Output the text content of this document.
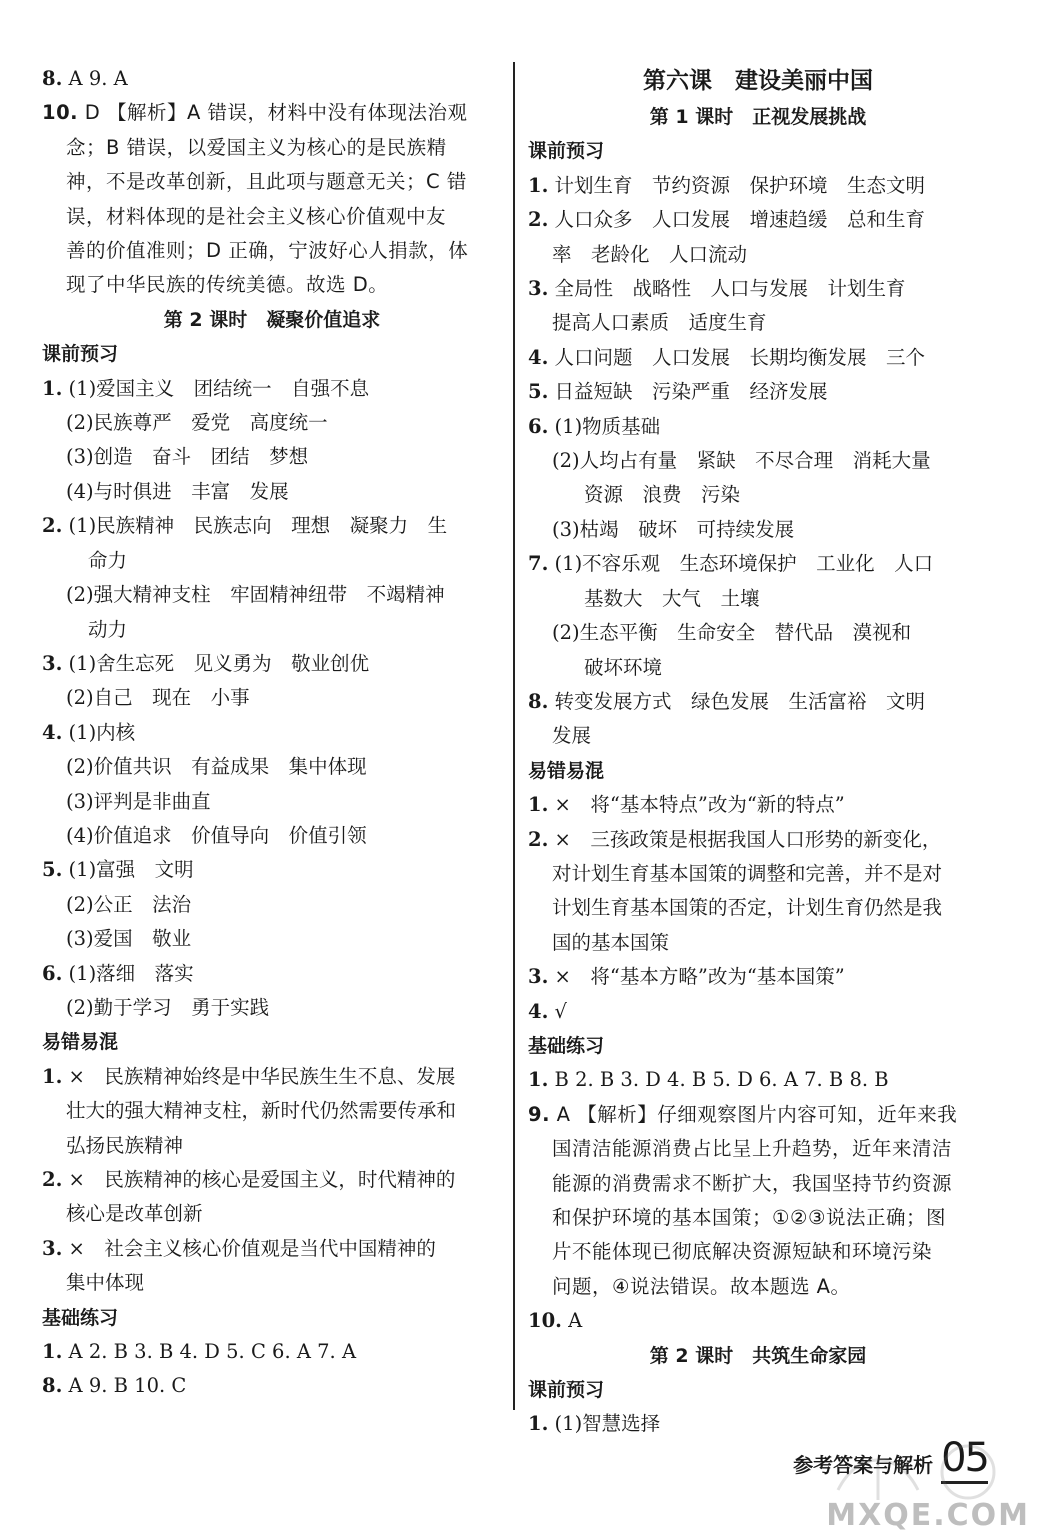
8. A 9. A

10. D 【解析】A 错误，材料中没有体现法治观

念；B 错误，以爱国主义为核心的是民族精

神，不是改革创新，且此项与题意无关；C 错

误，材料体现的是社会主义核心价值观中友

善的价值准则；D 正确，宁波好心人捐款，体

现了中华民族的传统美德。故选 D。

第 2 课时　凝聚价值追求

课前预习

1. (1)爱国主义　团结统一　自强不息

(2)民族尊严　爱党　高度统一

(3)创造　奋斗　团结　梦想

(4)与时俱进　丰富　发展

2. (1)民族精神　民族志向　理想　凝聚力　生

命力

(2)强大精神支柱　牢固精神纽带　不竭精神

动力

3. (1)舍生忘死　见义勇为　敬业创优

(2)自己　现在　小事

4. (1)内核

(2)价值共识　有益成果　集中体现

(3)评判是非曲直

(4)价值追求　价值导向　价值引领

5. (1)富强　文明

(2)公正　法治

(3)爱国　敬业

6. (1)落细　落实

(2)勤于学习　勇于实践

易错易混

1. ×　民族精神始终是中华民族生生不息、发展

壮大的强大精神支柱，新时代仍然需要传承和

弘扬民族精神

2. ×　民族精神的核心是爱国主义，时代精神的

核心是改革创新

3. ×　社会主义核心价值观是当代中国精神的

集中体现

基础练习

1. A 2. B 3. B 4. D 5. C 6. A 7. A

8. A 9. B 10. C

第六课　建设美丽中国

第 1 课时　正视发展挑战

课前预习

1. 计划生育　节约资源　保护环境　生态文明

2. 人口众多　人口发展　增速趋缓　总和生育

率　老龄化　人口流动

3. 全局性　战略性　人口与发展　计划生育

提高人口素质　适度生育

4. 人口问题　人口发展　长期均衡发展　三个

5. 日益短缺　污染严重　经济发展

6. (1)物质基础

(2)人均占有量　紧缺　不尽合理　消耗大量

资源　浪费　污染

(3)枯竭　破坏　可持续发展

7. (1)不容乐观　生态环境保护　工业化　人口

基数大　大气　土壤

(2)生态平衡　生命安全　替代品　漠视和

破坏环境

8. 转变发展方式　绿色发展　生活富裕　文明

发展

易错易混

1. ×　将“基本特点”改为“新的特点”

2. ×　三孩政策是根据我国人口形势的新变化，

对计划生育基本国策的调整和完善，并不是对

计划生育基本国策的否定，计划生育仍然是我

国的基本国策

3. ×　将“基本方略”改为“基本国策”

4. √

基础练习

1. B 2. B 3. D 4. B 5. D 6. A 7. B 8. B

9. A 【解析】仔细观察图片内容可知，近年来我

国清洁能源消费占比呈上升趋势，近年来清洁

能源的消费需求不断扩大，我国坚持节约资源

和保护环境的基本国策；①②③说法正确；图

片不能体现已彻底解决资源短缺和环境污染

问题，④说法错误。故本题选 A。

10. A

第 2 课时　共筑生命家园

课前预习

1. (1)智慧选择

参考答案与解析 05
MXQE.COM
